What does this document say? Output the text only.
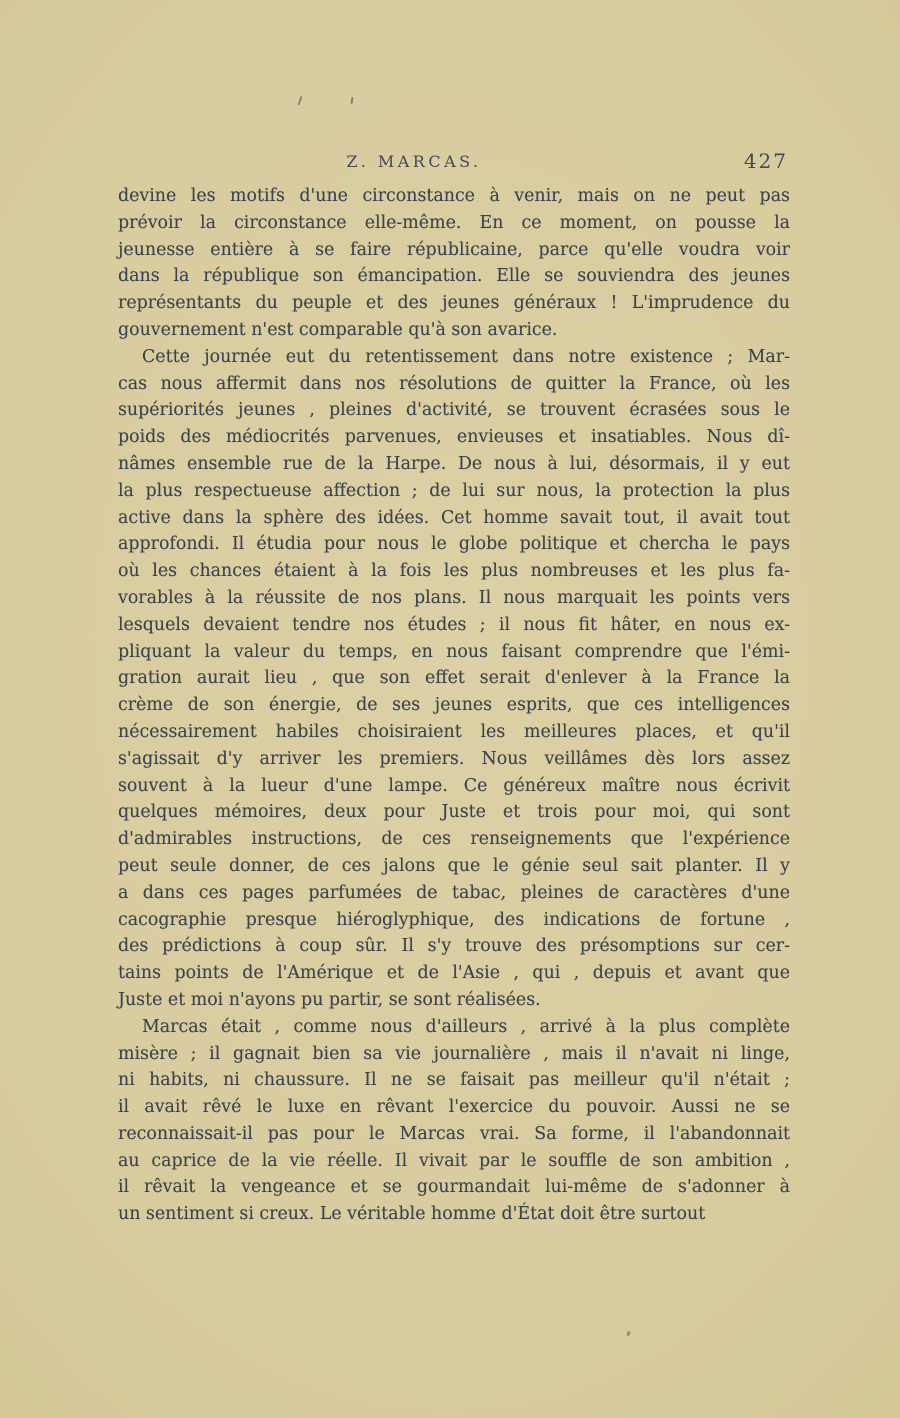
Z. MARCAS.	427
devine les motifs d'une circonstance à venir, mais on ne peut pas
prévoir la circonstance elle-même. En ce moment, on pousse la
jeunesse entière à se faire républicaine, parce qu'elle voudra voir
dans la république son émancipation. Elle se souviendra des jeunes
représentants du peuple et des jeunes généraux ! L'imprudence du
gouvernement n'est comparable qu'à son avarice.
Cette journée eut du retentissement dans notre existence ; Mar-
cas nous affermit dans nos résolutions de quitter la France, où les
supériorités jeunes , pleines d'activité, se trouvent écrasées sous le
poids des médiocrités parvenues, envieuses et insatiables. Nous dî-
nâmes ensemble rue de la Harpe. De nous à lui, désormais, il y eut
la plus respectueuse affection ; de lui sur nous, la protection la plus
active dans la sphère des idées. Cet homme savait tout, il avait tout
approfondi. Il étudia pour nous le globe politique et chercha le pays
où les chances étaient à la fois les plus nombreuses et les plus fa-
vorables à la réussite de nos plans. Il nous marquait les points vers
lesquels devaient tendre nos études ; il nous fit hâter, en nous ex-
pliquant la valeur du temps, en nous faisant comprendre que l'émi-
gration aurait lieu , que son effet serait d'enlever à la France la
crème de son énergie, de ses jeunes esprits, que ces intelligences
nécessairement habiles choisiraient les meilleures places, et qu'il
s'agissait d'y arriver les premiers. Nous veillâmes dès lors assez
souvent à la lueur d'une lampe. Ce généreux maître nous écrivit
quelques mémoires, deux pour Juste et trois pour moi, qui sont
d'admirables instructions, de ces renseignements que l'expérience
peut seule donner, de ces jalons que le génie seul sait planter. Il y
a dans ces pages parfumées de tabac, pleines de caractères d'une
cacographie presque hiéroglyphique, des indications de fortune ,
des prédictions à coup sûr. Il s'y trouve des présomptions sur cer-
tains points de l'Amérique et de l'Asie , qui , depuis et avant que
Juste et moi n'ayons pu partir, se sont réalisées.
Marcas était , comme nous d'ailleurs , arrivé à la plus complète
misère ; il gagnait bien sa vie journalière , mais il n'avait ni linge,
ni habits, ni chaussure. Il ne se faisait pas meilleur qu'il n'était ;
il avait rêvé le luxe en rêvant l'exercice du pouvoir. Aussi ne se
reconnaissait-il pas pour le Marcas vrai. Sa forme, il l'abandonnait
au caprice de la vie réelle. Il vivait par le souffle de son ambition ,
il rêvait la vengeance et se gourmandait lui-même de s'adonner à
un sentiment si creux. Le véritable homme d'État doit être surtout
